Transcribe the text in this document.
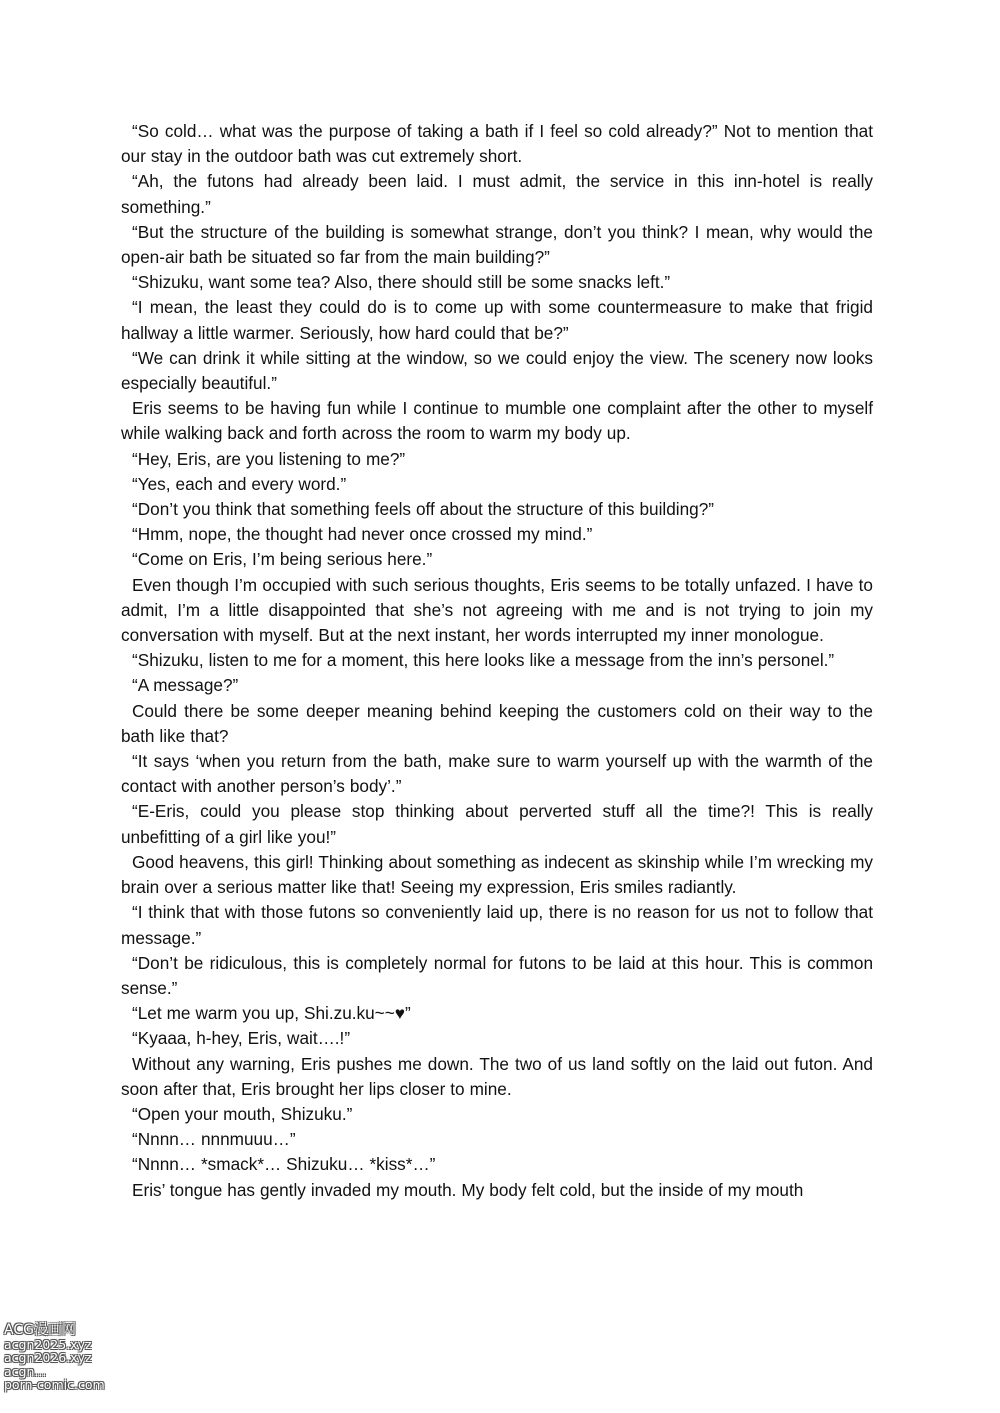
“So cold… what was the purpose of taking a bath if I feel so cold already?” Not to mention that our stay in the outdoor bath was cut extremely short.

“Ah, the futons had already been laid. I must admit, the service in this inn-hotel is really something.”

“But the structure of the building is somewhat strange, don’t you think? I mean, why would the open-air bath be situated so far from the main building?”

“Shizuku, want some tea? Also, there should still be some snacks left.”

“I mean, the least they could do is to come up with some countermeasure to make that frigid hallway a little warmer. Seriously, how hard could that be?”

“We can drink it while sitting at the window, so we could enjoy the view. The scenery now looks especially beautiful.”

Eris seems to be having fun while I continue to mumble one complaint after the other to myself while walking back and forth across the room to warm my body up.

“Hey, Eris, are you listening to me?”

“Yes, each and every word.”

“Don’t you think that something feels off about the structure of this building?”

“Hmm, nope, the thought had never once crossed my mind.”

“Come on Eris, I’m being serious here.”

Even though I’m occupied with such serious thoughts, Eris seems to be totally unfazed. I have to admit, I’m a little disappointed that she’s not agreeing with me and is not trying to join my conversation with myself. But at the next instant, her words interrupted my inner monologue.

“Shizuku, listen to me for a moment, this here looks like a message from the inn’s personel.”

“A message?”

Could there be some deeper meaning behind keeping the customers cold on their way to the bath like that?

“It says ‘when you return from the bath, make sure to warm yourself up with the warmth of the contact with another person’s body’.”

“E-Eris, could you please stop thinking about perverted stuff all the time?! This is really unbefitting of a girl like you!”

Good heavens, this girl! Thinking about something as indecent as skinship while I’m wrecking my brain over a serious matter like that! Seeing my expression, Eris smiles radiantly.

“I think that with those futons so conveniently laid up, there is no reason for us not to follow that message.”

“Don’t be ridiculous, this is completely normal for futons to be laid at this hour. This is common sense.”

“Let me warm you up, Shi.zu.ku~~♥”

“Kyaaa, h-hey, Eris, wait….!”

Without any warning, Eris pushes me down. The two of us land softly on the laid out futon. And soon after that, Eris brought her lips closer to mine.

“Open your mouth, Shizuku.”

“Nnnn… nnnmuuu…”

“Nnnn… *smack*… Shizuku… *kiss*…”

Eris’ tongue has gently invaded my mouth. My body felt cold, but the inside of my mouth

ACG漫画网
acgn2025.xyz
acgn2026.xyz
acgn...
porn-comic.com
